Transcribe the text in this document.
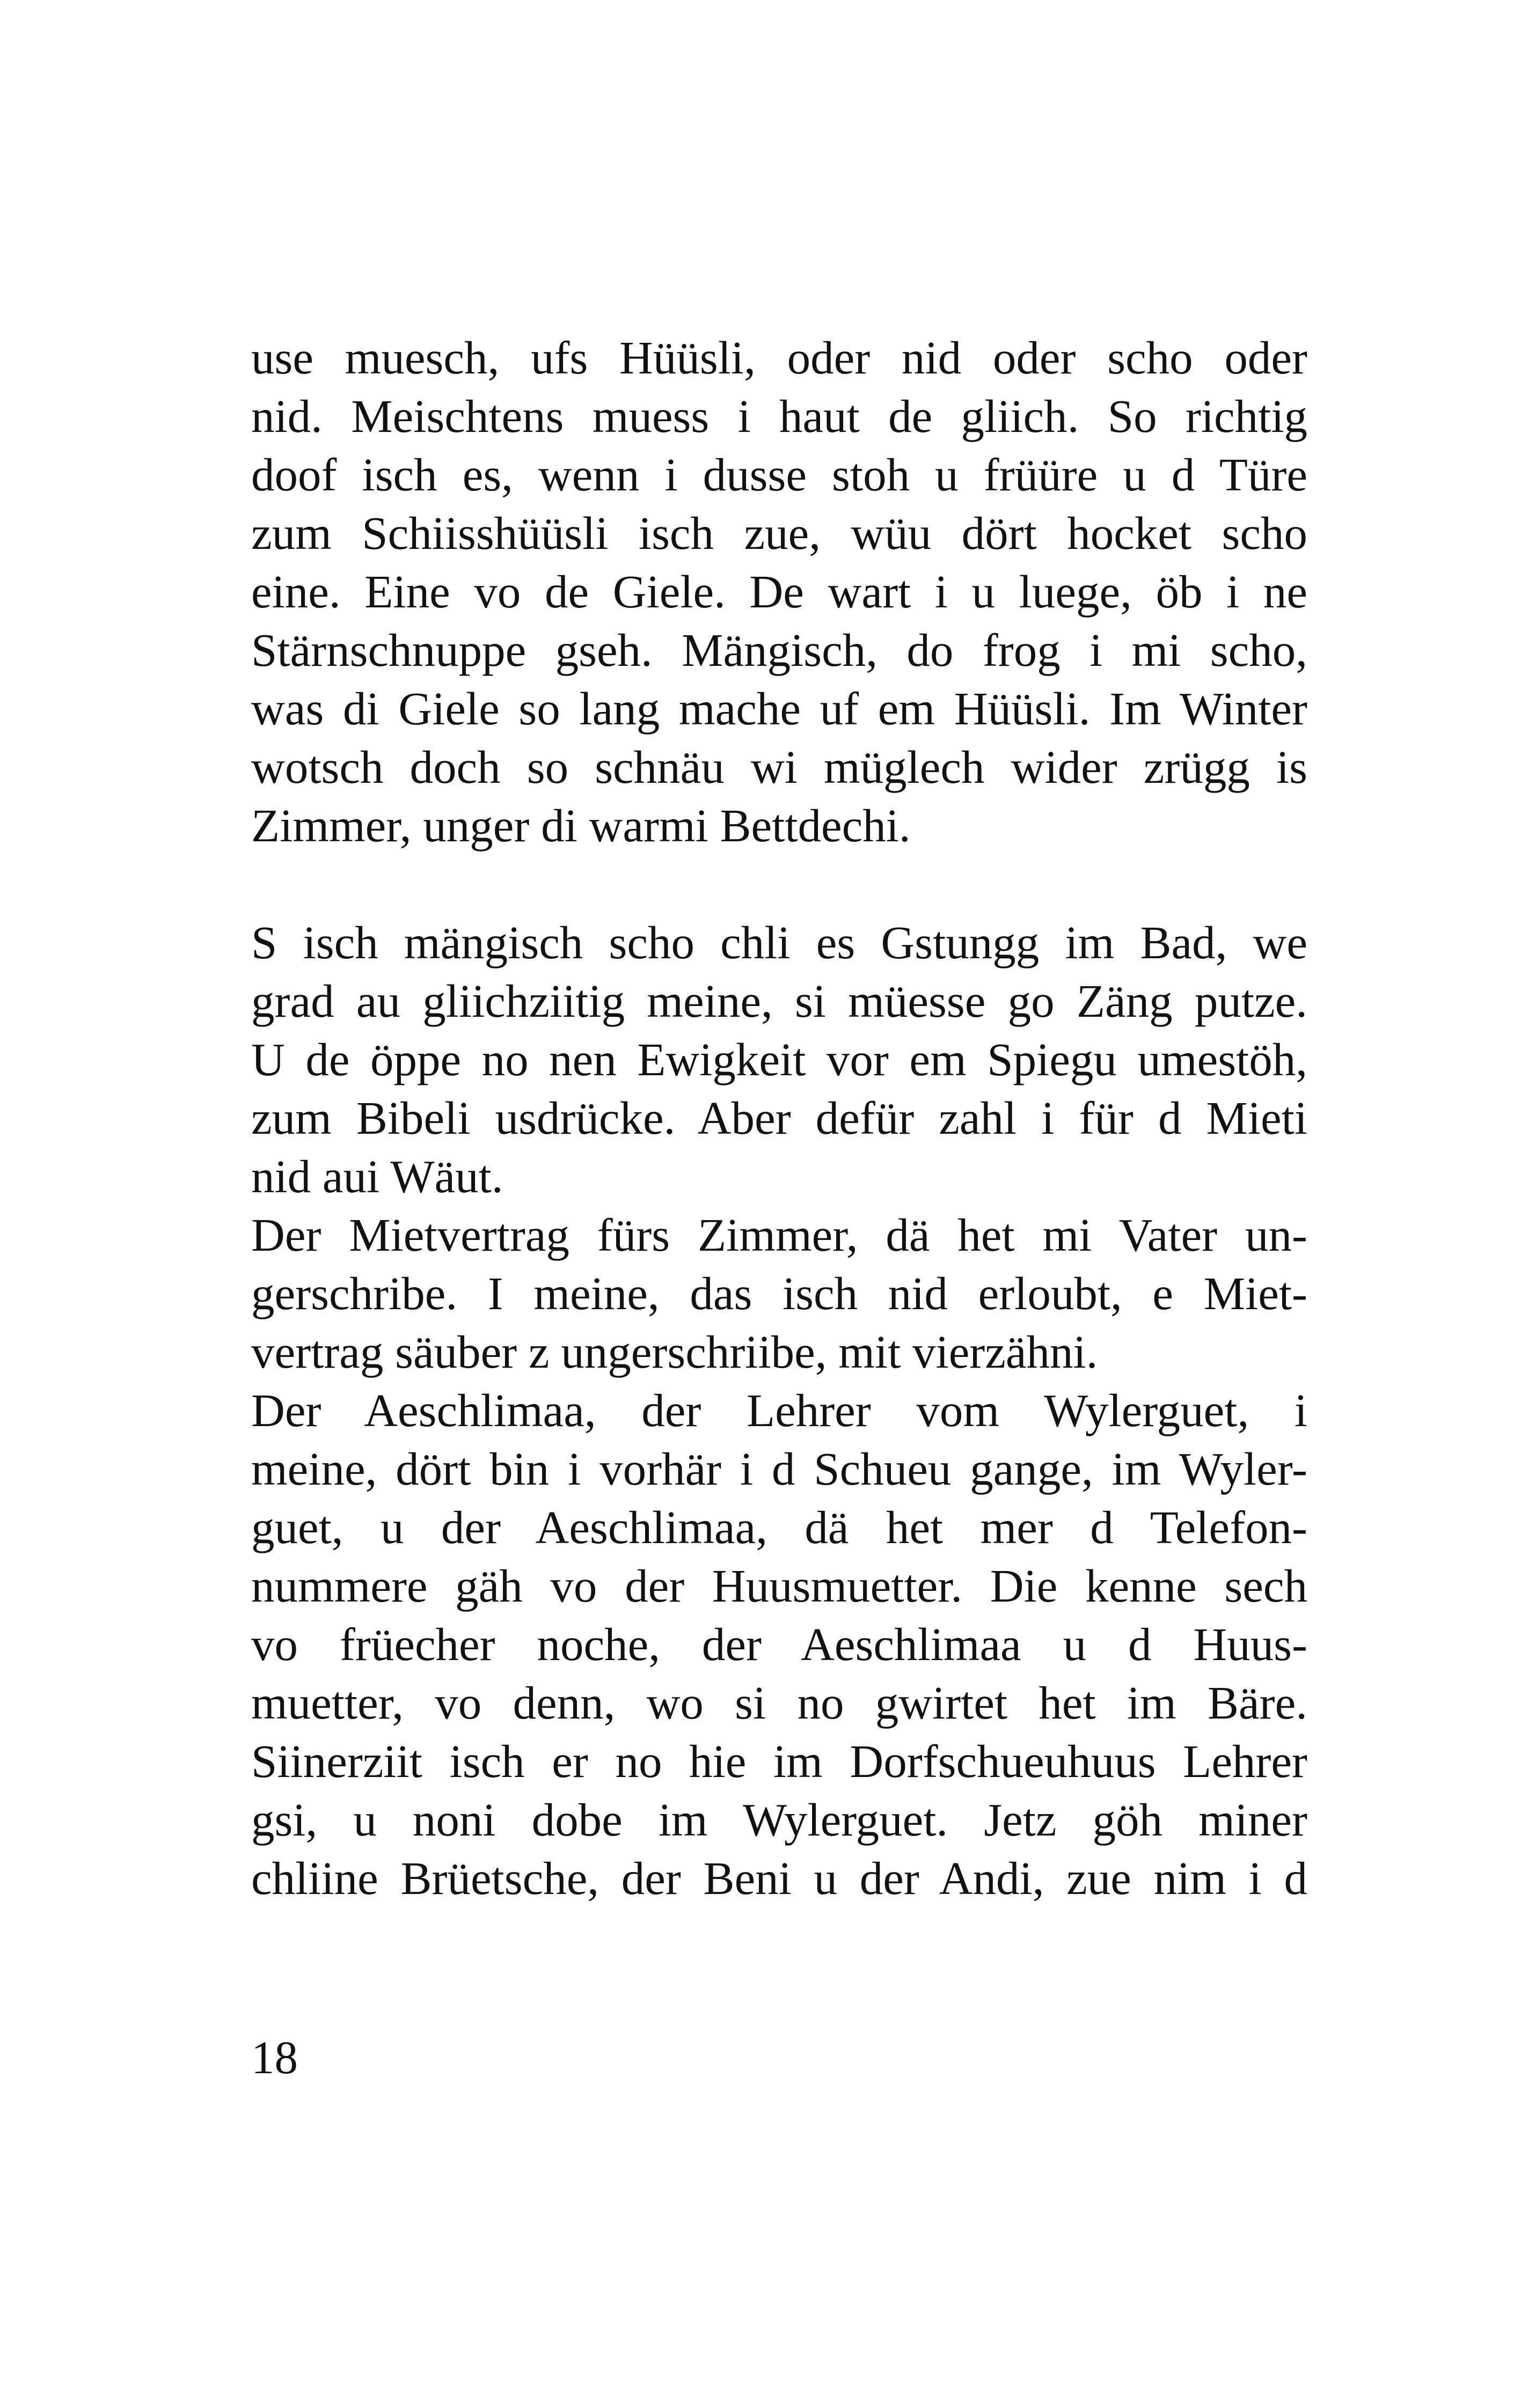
use muesch, ufs Hüüsli, oder nid oder scho oder
nid. Meischtens muess i haut de gliich. So richtig
doof isch es, wenn i dusse stoh u früüre u d Türe
zum Schiisshüüsli isch zue, wüu dört hocket scho
eine. Eine vo de Giele. De wart i u luege, öb i ne
Stärnschnuppe gseh. Mängisch, do frog i mi scho,
was di Giele so lang mache uf em Hüüsli. Im Winter
wotsch doch so schnäu wi müglech wider zrügg is
Zimmer, unger di warmi Bettdechi.
S isch mängisch scho chli es Gstungg im Bad, we
grad au gliichziitig meine, si müesse go Zäng putze.
U de öppe no nen Ewigkeit vor em Spiegu umestöh,
zum Bibeli usdrücke. Aber defür zahl i für d Mieti
nid aui Wäut.
Der Mietvertrag fürs Zimmer, dä het mi Vater un-
gerschribe. I meine, das isch nid erloubt, e Miet-
vertrag säuber z ungerschriibe, mit vierzähni.
Der Aeschlimaa, der Lehrer vom Wylerguet, i
meine, dört bin i vorhär i d Schueu gange, im Wyler-
guet, u der Aeschlimaa, dä het mer d Telefon-
nummere gäh vo der Huusmuetter. Die kenne sech
vo früecher noche, der Aeschlimaa u d Huus-
muetter, vo denn, wo si no gwirtet het im Bäre.
Siinerziit isch er no hie im Dorfschueuhuus Lehrer
gsi, u noni dobe im Wylerguet. Jetz göh miner
chliine Brüetsche, der Beni u der Andi, zue nim i d
18
